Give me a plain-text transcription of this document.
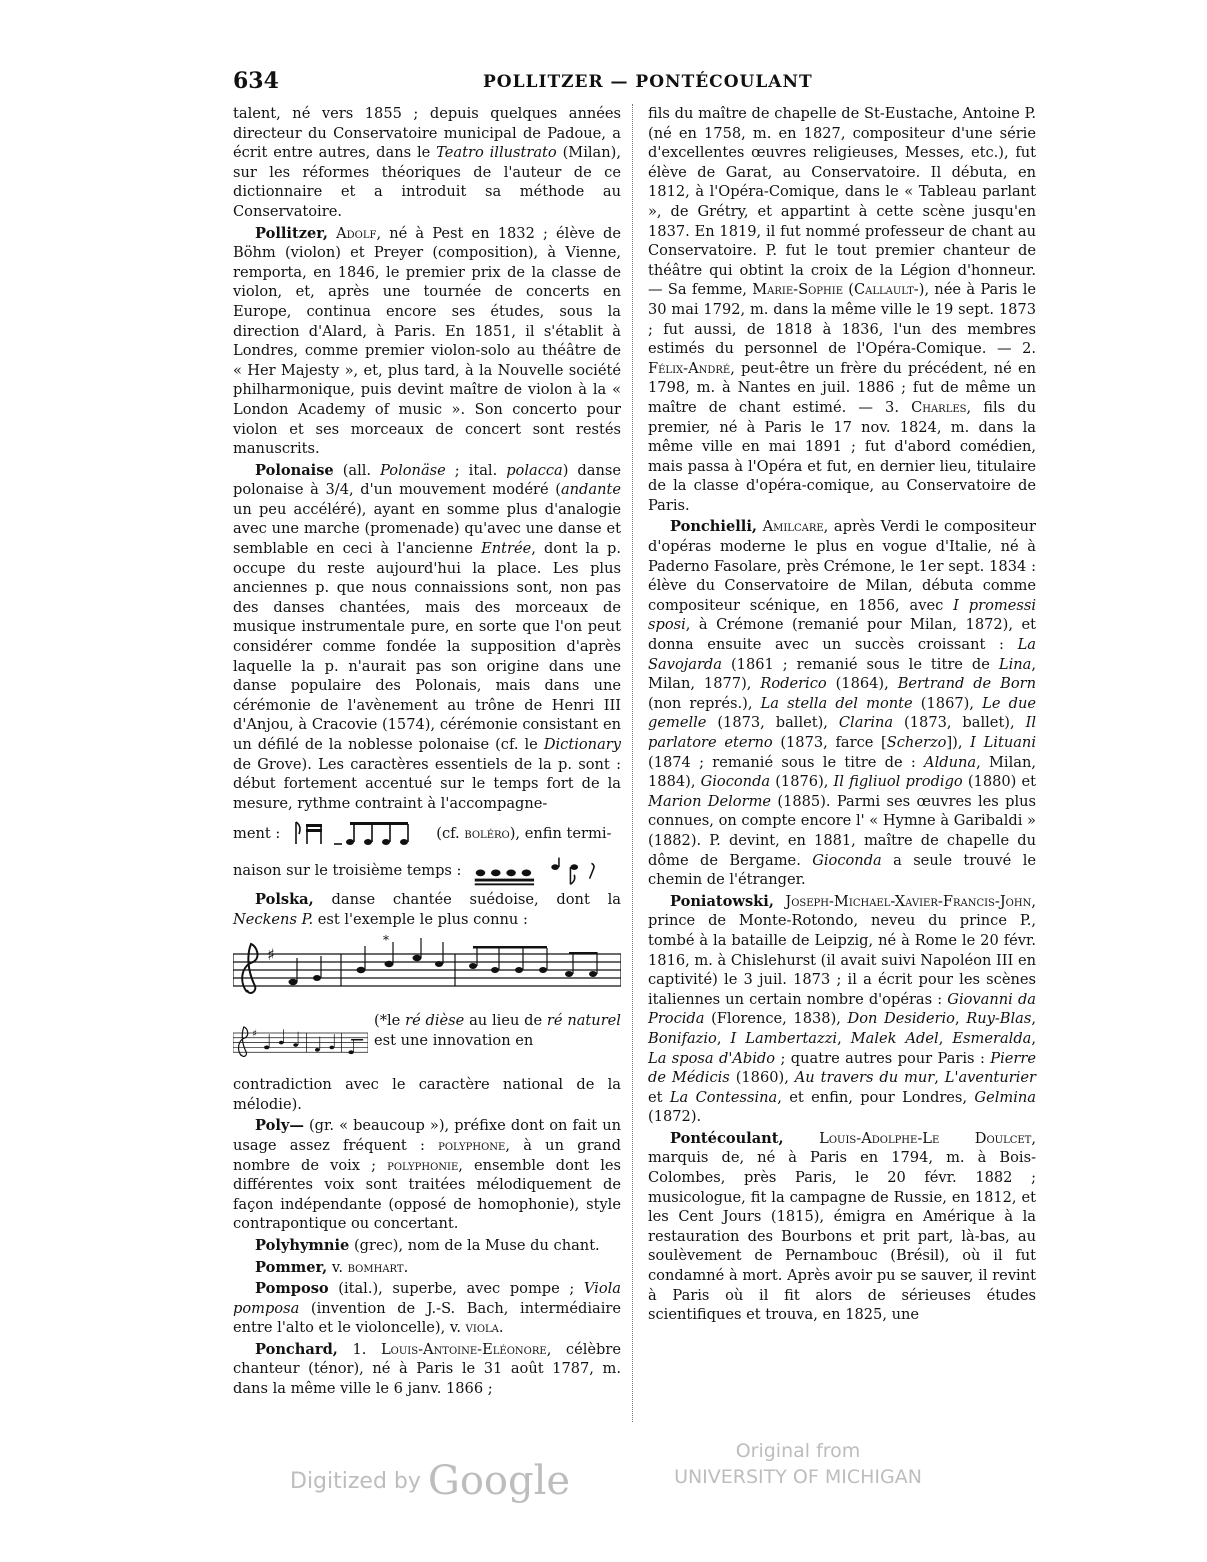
634	POLLITZER — PONTÉCOULANT

talent, né vers 1855 ; depuis quelques années directeur du Conservatoire municipal de Padoue, a écrit entre autres, dans le Teatro illustrato (Milan), sur les réformes théoriques de l'auteur de ce dictionnaire et a introduit sa méthode au Conservatoire.

Pollitzer, Adolf, né à Pest en 1832 ; élève de Böhm (violon) et Preyer (composition), à Vienne, remporta, en 1846, le premier prix de la classe de violon, et, après une tournée de concerts en Europe, continua encore ses études, sous la direction d'Alard, à Paris. En 1851, il s'établit à Londres, comme premier violon-solo au théâtre de « Her Majesty », et, plus tard, à la Nouvelle société philharmonique, puis devint maître de violon à la « London Academy of music ». Son concerto pour violon et ses morceaux de concert sont restés manuscrits.

Polonaise (all. Polonäse ; ital. polacca) danse polonaise à 3/4, d'un mouvement modéré (andante un peu accéléré), ayant en somme plus d'analogie avec une marche (promenade) qu'avec une danse et semblable en ceci à l'ancienne Entrée, dont la p. occupe du reste aujourd'hui la place. Les plus anciennes p. que nous connaissions sont, non pas des danses chantées, mais des morceaux de musique instrumentale pure, en sorte que l'on peut considérer comme fondée la supposition d'après laquelle la p. n'aurait pas son origine dans une danse populaire des Polonais, mais dans une cérémonie de l'avènement au trône de Henri III d'Anjou, à Cracovie (1574), cérémonie consistant en un défilé de la noblesse polonaise (cf. le Dictionary de Grove). Les caractères essentiels de la p. sont : début fortement accentué sur le temps fort de la mesure, rythme contraint à l'accompagne-

ment :	(cf.
boléro ), enfin termi-
naison sur le troisième temps :

Polska, danse chantée suédoise, dont la Neckens P. est l'exemple le plus connu :

♯
*
♯
(*le ré dièse au lieu de ré naturel est une innovation en

contradiction avec le caractère national de la mélodie).

Poly— (gr. « beaucoup »), préfixe dont on fait un usage assez fréquent : polyphone, à un grand nombre de voix ; polyphonie, ensemble dont les différentes voix sont traitées mélodiquement de façon indépendante (opposé de homophonie), style contrapontique ou concertant.

Polyhymnie (grec), nom de la Muse du chant.

Pommer, v. bomhart.

Pomposo (ital.), superbe, avec pompe ; Viola pomposa (invention de J.-S. Bach, intermédiaire entre l'alto et le violoncelle), v. viola.

Ponchard, 1. Louis-Antoine-Eléonore, célèbre chanteur (ténor), né à Paris le 31 août 1787, m. dans la même ville le 6 janv. 1866 ;

fils du maître de chapelle de St-Eustache, Antoine P. (né en 1758, m. en 1827, compositeur d'une série d'excellentes œuvres religieuses, Messes, etc.), fut élève de Garat, au Conservatoire. Il débuta, en 1812, à l'Opéra-Comique, dans le « Tableau parlant », de Grétry, et appartint à cette scène jusqu'en 1837. En 1819, il fut nommé professeur de chant au Conservatoire. P. fut le tout premier chanteur de théâtre qui obtint la croix de la Légion d'honneur. — Sa femme, Marie-Sophie (Callault-), née à Paris le 30 mai 1792, m. dans la même ville le 19 sept. 1873 ; fut aussi, de 1818 à 1836, l'un des membres estimés du personnel de l'Opéra-Comique. — 2. Félix-André, peut-être un frère du précédent, né en 1798, m. à Nantes en juil. 1886 ; fut de même un maître de chant estimé. — 3. Charles, fils du premier, né à Paris le 17 nov. 1824, m. dans la même ville en mai 1891 ; fut d'abord comédien, mais passa à l'Opéra et fut, en dernier lieu, titulaire de la classe d'opéra-comique, au Conservatoire de Paris.

Ponchielli, Amilcare, après Verdi le compositeur d'opéras moderne le plus en vogue d'Italie, né à Paderno Fasolare, près Crémone, le 1er sept. 1834 : élève du Conservatoire de Milan, débuta comme compositeur scénique, en 1856, avec I promessi sposi, à Crémone (remanié pour Milan, 1872), et donna ensuite avec un succès croissant : La Savojarda (1861 ; remanié sous le titre de Lina, Milan, 1877), Roderico (1864), Bertrand de Born (non représ.), La stella del monte (1867), Le due gemelle (1873, ballet), Clarina (1873, ballet), Il parlatore eterno (1873, farce [Scherzo]), I Lituani (1874 ; remanié sous le titre de : Alduna, Milan, 1884), Gioconda (1876), Il figliuol prodigo (1880) et Marion Delorme (1885). Parmi ses œuvres les plus connues, on compte encore l' « Hymne à Garibaldi » (1882). P. devint, en 1881, maître de chapelle du dôme de Bergame. Gioconda a seule trouvé le chemin de l'étranger.

Poniatowski, Joseph-Michael-Xavier-Francis-John, prince de Monte-Rotondo, neveu du prince P., tombé à la bataille de Leipzig, né à Rome le 20 févr. 1816, m. à Chislehurst (il avait suivi Napoléon III en captivité) le 3 juil. 1873 ; il a écrit pour les scènes italiennes un certain nombre d'opéras : Giovanni da Procida (Florence, 1838), Don Desiderio, Ruy-Blas, Bonifazio, I Lambertazzi, Malek Adel, Esmeralda, La sposa d'Abido ; quatre autres pour Paris : Pierre de Médicis (1860), Au travers du mur, L'aventurier et La Contessina, et enfin, pour Londres, Gelmina (1872).

Pontécoulant, Louis-Adolphe-Le Doulcet, marquis de, né à Paris en 1794, m. à Bois-Colombes, près Paris, le 20 févr. 1882 ; musicologue, fit la campagne de Russie, en 1812, et les Cent Jours (1815), émigra en Amérique à la restauration des Bourbons et prit part, là-bas, au soulèvement de Pernambouc (Brésil), où il fut condamné à mort. Après avoir pu se sauver, il revint à Paris où il fit alors de sérieuses études scientifiques et trouva, en 1825, une

Digitized by Google
Original from
UNIVERSITY OF MICHIGAN
